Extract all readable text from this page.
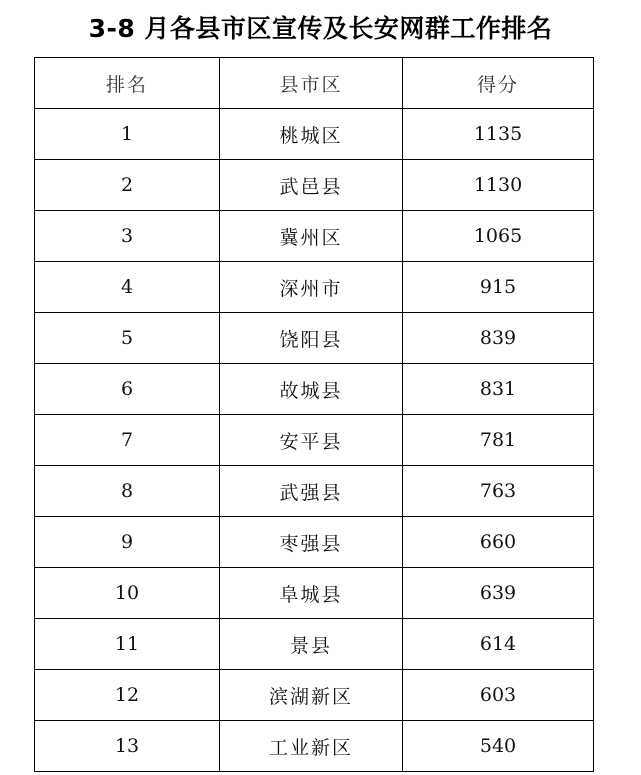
3-8 月各县市区宣传及长安网群工作排名
排名	县市区	得分
1	桃城区	1135
2	武邑县	1130
3	冀州区	1065
4	深州市	915
5	饶阳县	839
6	故城县	831
7	安平县	781
8	武强县	763
9	枣强县	660
10	阜城县	639
11	景县	614
12	滨湖新区	603
13	工业新区	540
